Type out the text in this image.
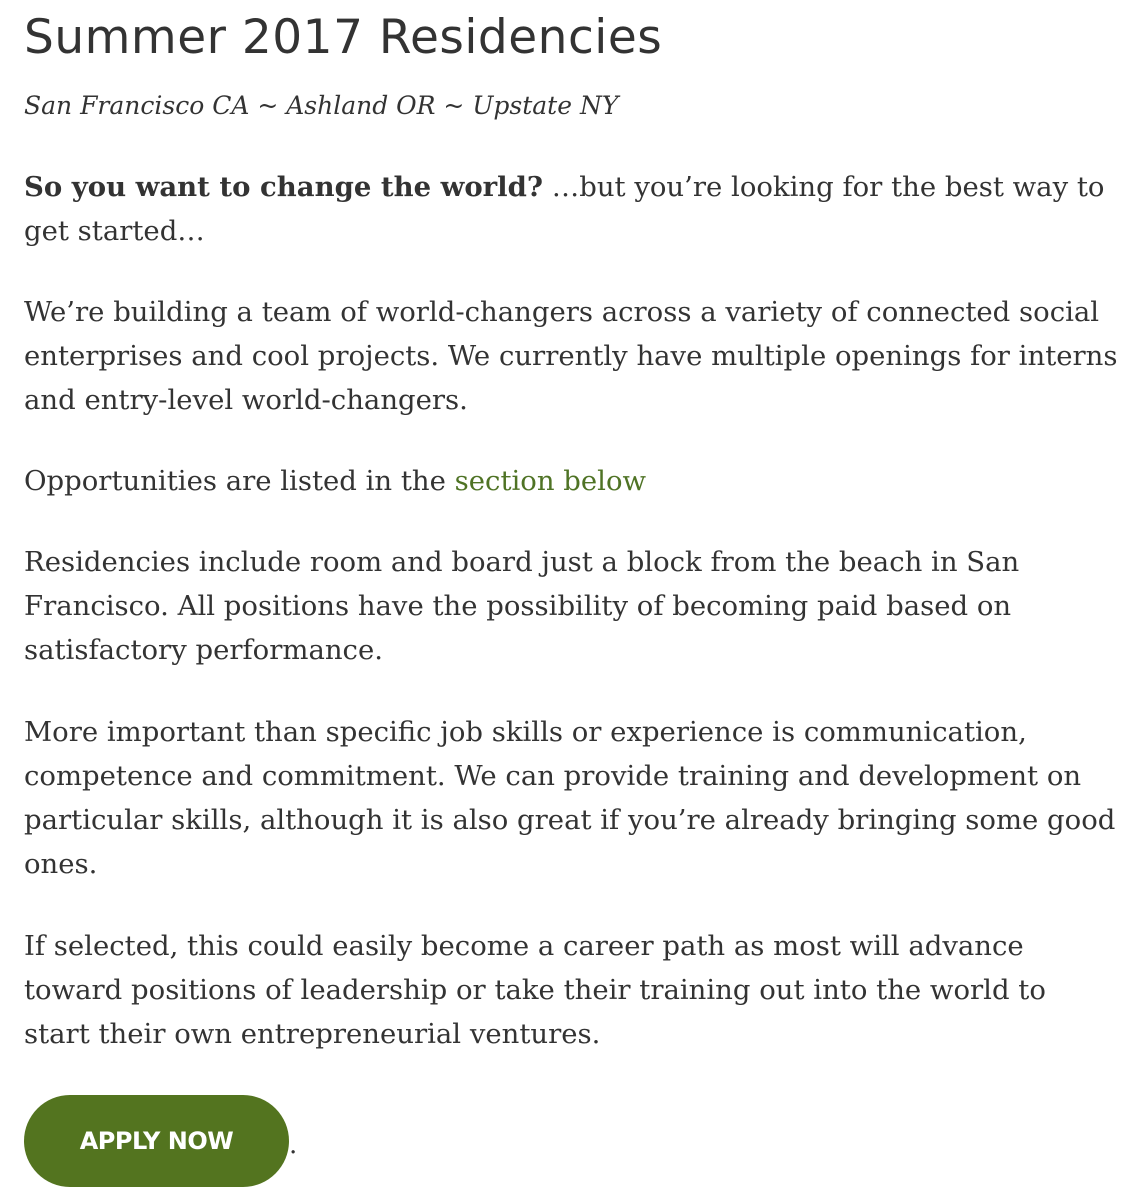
Summer 2017 Residencies
San Francisco CA ~ Ashland OR ~ Upstate NY

So you want to change the world? …but you’re looking for the best way to get started…

We’re building a team of world-changers across a variety of connected social enterprises and cool projects. We currently have multiple openings for interns and entry-level world-changers.

Opportunities are listed in the section below

Residencies include room and board just a block from the beach in San Francisco. All positions have the possibility of becoming paid based on satisfactory performance.

More important than specific job skills or experience is communication, competence and commitment. We can provide training and development on particular skills, although it is also great if you’re already bringing some good ones.

If selected, this could easily become a career path as most will advance toward positions of leadership or take their training out into the world to start their own entrepreneurial ventures.

APPLY NOW	.
